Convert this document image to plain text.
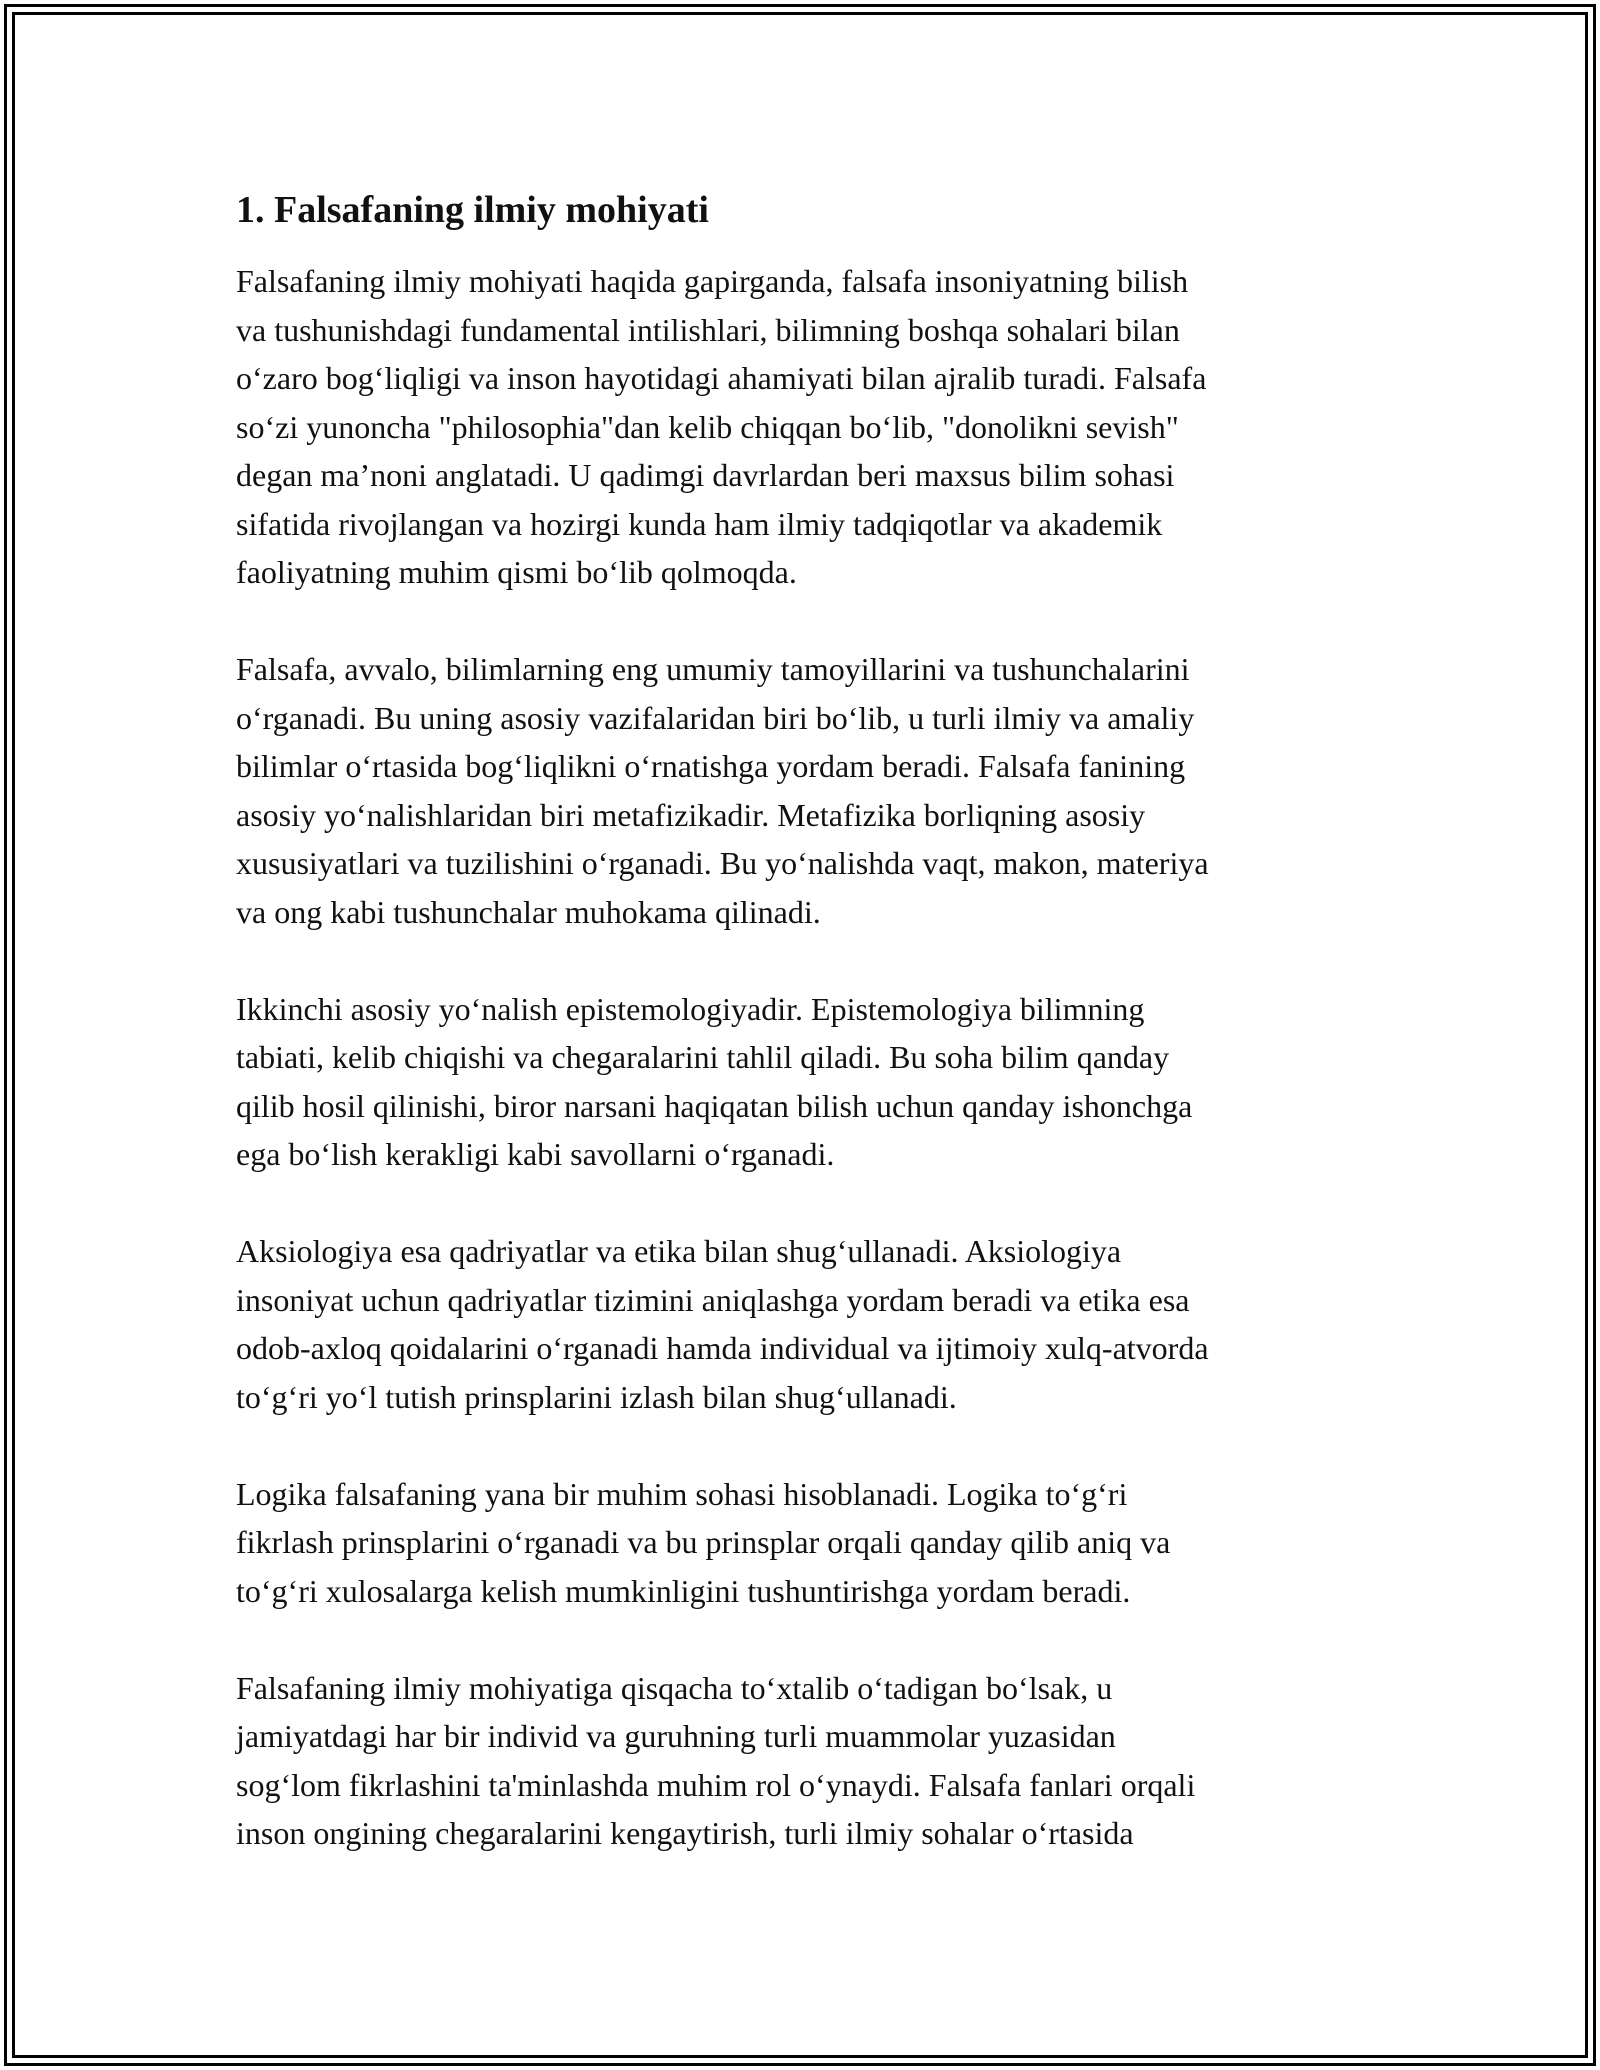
1. Falsafaning ilmiy mohiyati

Falsafaning ilmiy mohiyati haqida gapirganda, falsafa insoniyatning bilish
va tushunishdagi fundamental intilishlari, bilimning boshqa sohalari bilan
o‘zaro bog‘liqligi va inson hayotidagi ahamiyati bilan ajralib turadi. Falsafa
so‘zi yunoncha "philosophia"dan kelib chiqqan bo‘lib, "donolikni sevish"
degan ma’noni anglatadi. U qadimgi davrlardan beri maxsus bilim sohasi
sifatida rivojlangan va hozirgi kunda ham ilmiy tadqiqotlar va akademik
faoliyatning muhim qismi bo‘lib qolmoqda.

Falsafa, avvalo, bilimlarning eng umumiy tamoyillarini va tushunchalarini
o‘rganadi. Bu uning asosiy vazifalaridan biri bo‘lib, u turli ilmiy va amaliy
bilimlar o‘rtasida bog‘liqlikni o‘rnatishga yordam beradi. Falsafa fanining
asosiy yo‘nalishlaridan biri metafizikadir. Metafizika borliqning asosiy
xususiyatlari va tuzilishini o‘rganadi. Bu yo‘nalishda vaqt, makon, materiya
va ong kabi tushunchalar muhokama qilinadi.

Ikkinchi asosiy yo‘nalish epistemologiyadir. Epistemologiya bilimning
tabiati, kelib chiqishi va chegaralarini tahlil qiladi. Bu soha bilim qanday
qilib hosil qilinishi, biror narsani haqiqatan bilish uchun qanday ishonchga
ega bo‘lish kerakligi kabi savollarni o‘rganadi.

Aksiologiya esa qadriyatlar va etika bilan shug‘ullanadi. Aksiologiya
insoniyat uchun qadriyatlar tizimini aniqlashga yordam beradi va etika esa
odob-axloq qoidalarini o‘rganadi hamda individual va ijtimoiy xulq-atvorda
to‘g‘ri yo‘l tutish prinsplarini izlash bilan shug‘ullanadi.

Logika falsafaning yana bir muhim sohasi hisoblanadi. Logika to‘g‘ri
fikrlash prinsplarini o‘rganadi va bu prinsplar orqali qanday qilib aniq va
to‘g‘ri xulosalarga kelish mumkinligini tushuntirishga yordam beradi.

Falsafaning ilmiy mohiyatiga qisqacha to‘xtalib o‘tadigan bo‘lsak, u
jamiyatdagi har bir individ va guruhning turli muammolar yuzasidan
sog‘lom fikrlashini ta'minlashda muhim rol o‘ynaydi. Falsafa fanlari orqali
inson ongining chegaralarini kengaytirish, turli ilmiy sohalar o‘rtasida
